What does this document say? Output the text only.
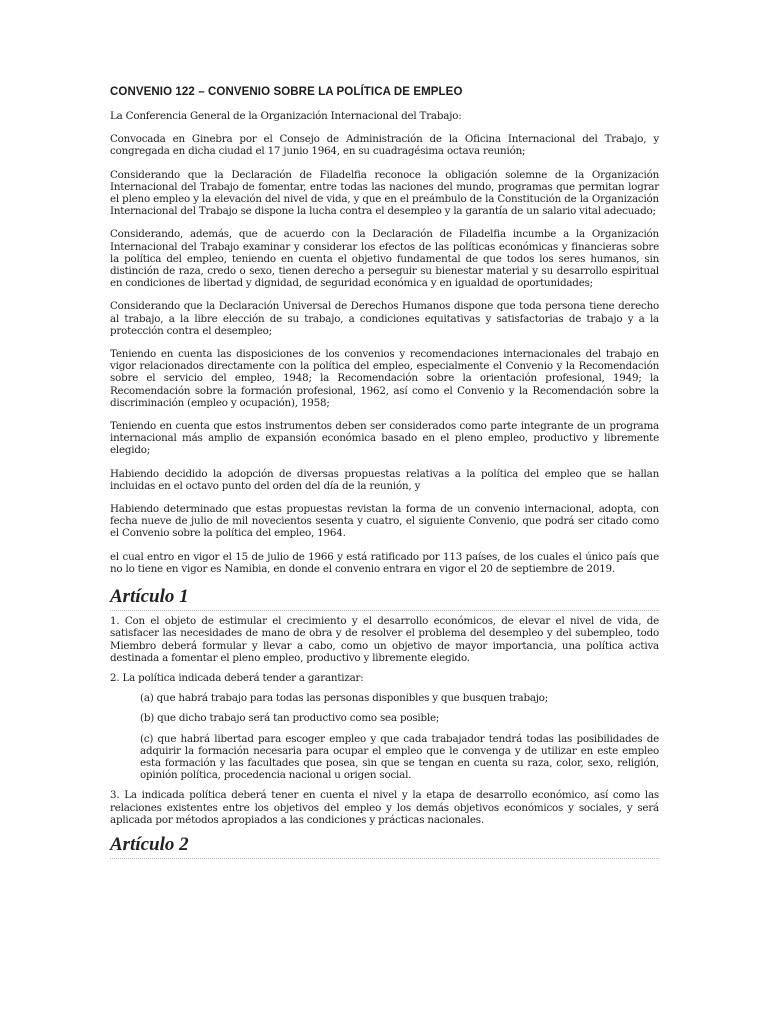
CONVENIO 122 – CONVENIO SOBRE LA POLÍTICA DE EMPLEO

La Conferencia General de la Organización Internacional del Trabajo:

Convocada en Ginebra por el Consejo de Administración de la Oficina Internacional del Trabajo, y congregada en dicha ciudad el 17 junio 1964, en su cuadragésima octava reunión;

Considerando que la Declaración de Filadelfia reconoce la obligación solemne de la Organización Internacional del Trabajo de fomentar, entre todas las naciones del mundo, programas que permitan lograr el pleno empleo y la elevación del nivel de vida, y que en el preámbulo de la Constitución de la Organización Internacional del Trabajo se dispone la lucha contra el desempleo y la garantía de un salario vital adecuado;

Considerando, además, que de acuerdo con la Declaración de Filadelfia incumbe a la Organización Internacional del Trabajo examinar y considerar los efectos de las políticas económicas y financieras sobre la política del empleo, teniendo en cuenta el objetivo fundamental de que todos los seres humanos, sin distinción de raza, credo o sexo, tienen derecho a perseguir su bienestar material y su desarrollo espiritual en condiciones de libertad y dignidad, de seguridad económica y en igualdad de oportunidades;

Considerando que la Declaración Universal de Derechos Humanos dispone que toda persona tiene derecho al trabajo, a la libre elección de su trabajo, a condiciones equitativas y satisfactorias de trabajo y a la protección contra el desempleo;

Teniendo en cuenta las disposiciones de los convenios y recomendaciones internacionales del trabajo en vigor relacionados directamente con la política del empleo, especialmente el Convenio y la Recomendación sobre el servicio del empleo, 1948; la Recomendación sobre la orientación profesional, 1949; la Recomendación sobre la formación profesional, 1962, así como el Convenio y la Recomendación sobre la discriminación (empleo y ocupación), 1958;

Teniendo en cuenta que estos instrumentos deben ser considerados como parte integrante de un programa internacional más amplio de expansión económica basado en el pleno empleo, productivo y libremente elegido;

Habiendo decidido la adopción de diversas propuestas relativas a la política del empleo que se hallan incluidas en el octavo punto del orden del día de la reunión, y

Habiendo determinado que estas propuestas revistan la forma de un convenio internacional, adopta, con fecha nueve de julio de mil novecientos sesenta y cuatro, el siguiente Convenio, que podrá ser citado como el Convenio sobre la política del empleo, 1964.

el cual entro en vigor el 15 de julio de 1966 y está ratificado por 113 países, de los cuales el único país que no lo tiene en vigor es Namibia, en donde el convenio entrara en vigor el 20 de septiembre de 2019.

Artículo 1

1. Con el objeto de estimular el crecimiento y el desarrollo económicos, de elevar el nivel de vida, de satisfacer las necesidades de mano de obra y de resolver el problema del desempleo y del subempleo, todo Miembro deberá formular y llevar a cabo, como un objetivo de mayor importancia, una política activa destinada a fomentar el pleno empleo, productivo y libremente elegido.

2. La política indicada deberá tender a garantizar:

(a) que habrá trabajo para todas las personas disponibles y que busquen trabajo;

(b) que dicho trabajo será tan productivo como sea posible;

(c) que habrá libertad para escoger empleo y que cada trabajador tendrá todas las posibilidades de adquirir la formación necesaria para ocupar el empleo que le convenga y de utilizar en este empleo esta formación y las facultades que posea, sin que se tengan en cuenta su raza, color, sexo, religión, opinión política, procedencia nacional u origen social.

3. La indicada política deberá tener en cuenta el nivel y la etapa de desarrollo económico, así como las relaciones existentes entre los objetivos del empleo y los demás objetivos económicos y sociales, y será aplicada por métodos apropiados a las condiciones y prácticas nacionales.

Artículo 2
